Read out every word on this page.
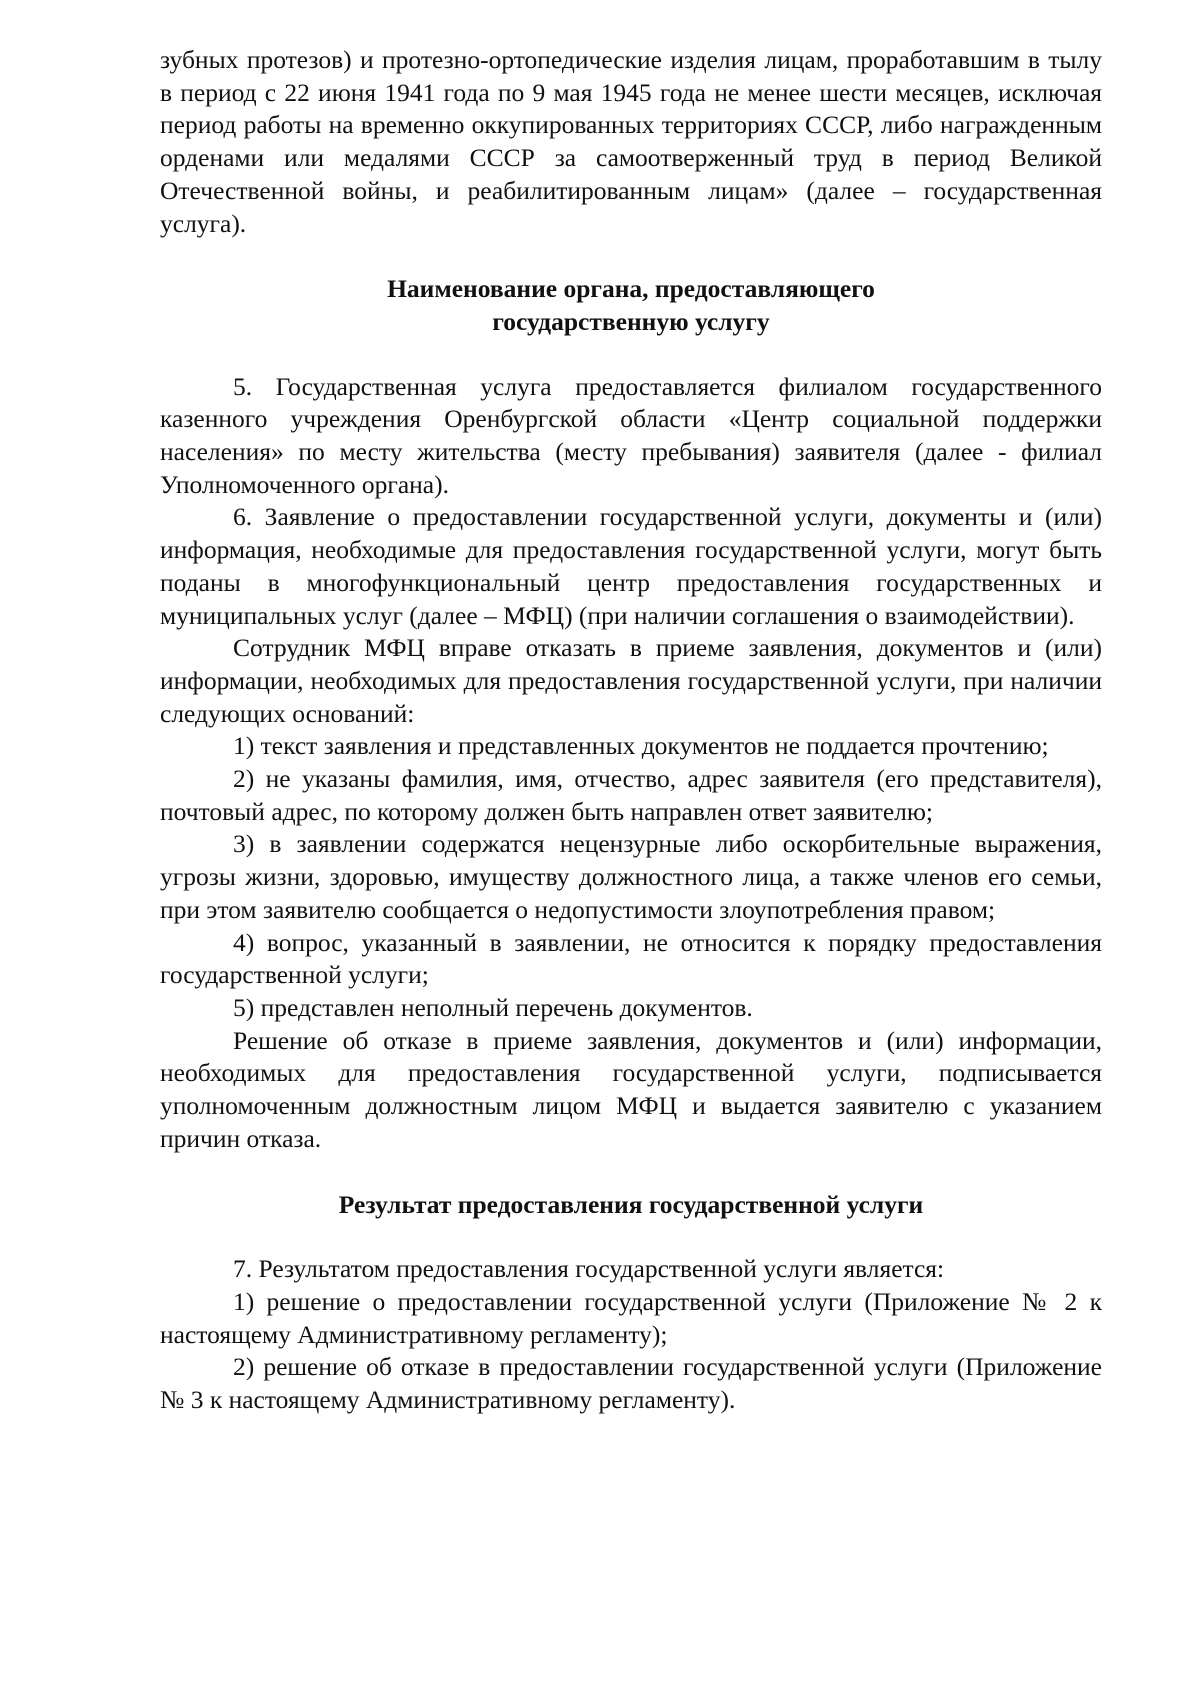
зубных протезов) и протезно-ортопедические изделия лицам, проработавшим в тылу в период с 22 июня 1941 года по 9 мая 1945 года не менее шести месяцев, исключая период работы на временно оккупированных территориях СССР, либо награжденным орденами или медалями СССР за самоотверженный труд в период Великой Отечественной войны, и реабилитированным лицам» (далее – государственная услуга).

Наименование органа, предоставляющего
государственную услугу

5. Государственная услуга предоставляется филиалом государственного казенного учреждения Оренбургской области «Центр социальной поддержки населения» по месту жительства (месту пребывания) заявителя (далее - филиал Уполномоченного органа).

6. Заявление о предоставлении государственной услуги, документы и (или) информация, необходимые для предоставления государственной услуги, могут быть поданы в многофункциональный центр предоставления государственных и муниципальных услуг (далее – МФЦ) (при наличии соглашения о взаимодействии).

Сотрудник МФЦ вправе отказать в приеме заявления, документов и (или) информации, необходимых для предоставления государственной услуги, при наличии следующих оснований:

1) текст заявления и представленных документов не поддается прочтению;

2) не указаны фамилия, имя, отчество, адрес заявителя (его представителя), почтовый адрес, по которому должен быть направлен ответ заявителю;

3) в заявлении содержатся нецензурные либо оскорбительные выражения, угрозы жизни, здоровью, имуществу должностного лица, а также членов его семьи, при этом заявителю сообщается о недопустимости злоупотребления правом;

4) вопрос, указанный в заявлении, не относится к порядку предоставления государственной услуги;

5) представлен неполный перечень документов.

Решение об отказе в приеме заявления, документов и (или) информации, необходимых для предоставления государственной услуги, подписывается уполномоченным должностным лицом МФЦ и выдается заявителю с указанием причин отказа.

Результат предоставления государственной услуги

7. Результатом предоставления государственной услуги является:

1) решение о предоставлении государственной услуги (Приложение № 2 к настоящему Административному регламенту);

2) решение об отказе в предоставлении государственной услуги (Приложение № 3 к настоящему Административному регламенту).
